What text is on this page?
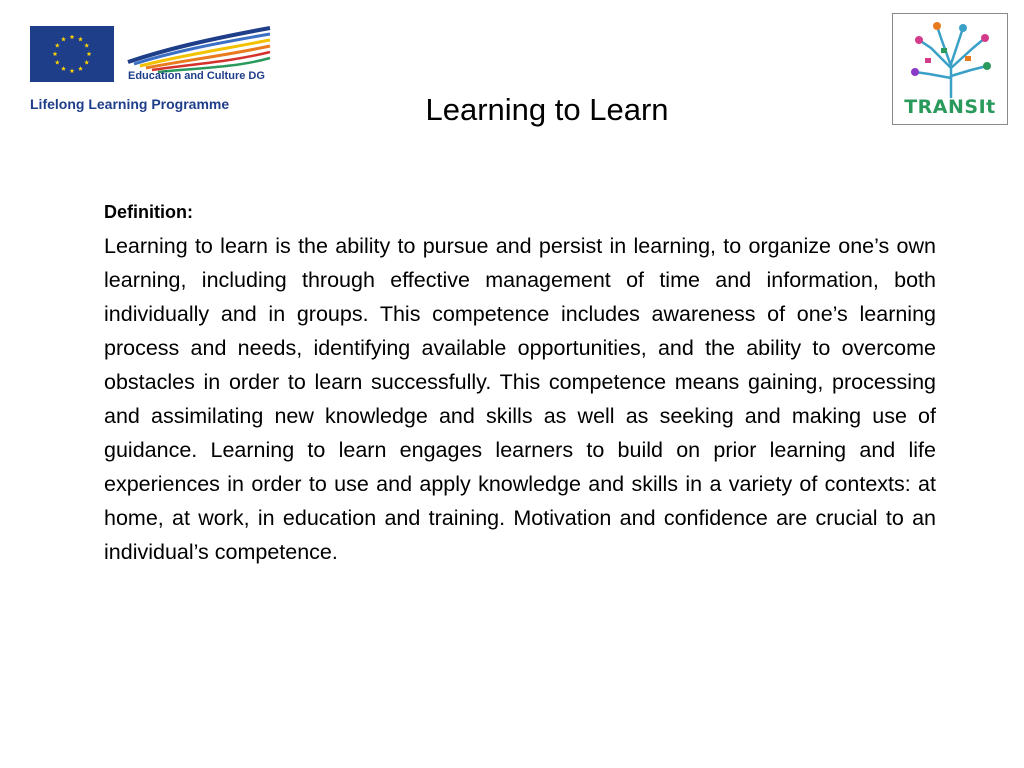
Education and Culture DG
Lifelong Learning Programme	TRANSIt
Learning to Learn
Definition:

Learning to learn is the ability to pursue and persist in learning, to organize one’s own learning, including through effective management of time and information, both individually and in groups. This competence includes awareness of one’s learning process and needs, identifying available opportunities, and the ability to overcome obstacles in order to learn successfully. This competence means gaining, processing and assimilating new knowledge and skills as well as seeking and making use of guidance. Learning to learn engages learners to build on prior learning and life experiences in order to use and apply knowledge and skills in a variety of contexts: at home, at work, in education and training. Motivation and confidence are crucial to an individual’s competence.
